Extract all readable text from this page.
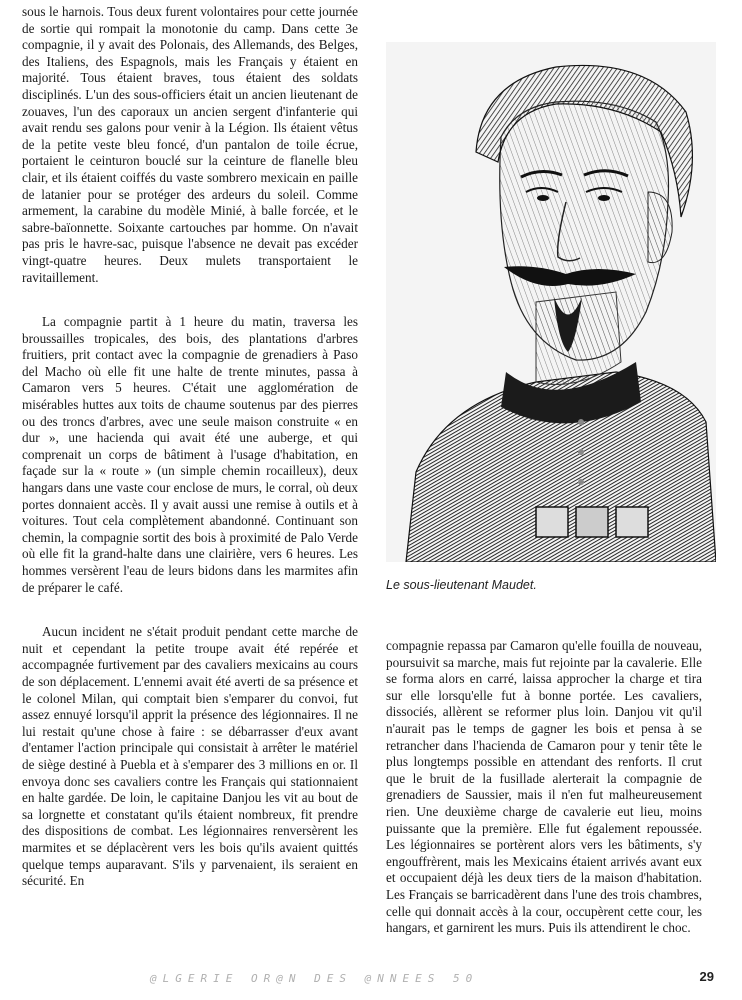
sous le harnois. Tous deux furent volontaires pour cette journée de sortie qui rompait la monotonie du camp. Dans cette 3e compagnie, il y avait des Polonais, des Allemands, des Belges, des Italiens, des Espagnols, mais les Français y étaient en majorité. Tous étaient braves, tous étaient des soldats disciplinés. L'un des sous-officiers était un ancien lieutenant de zouaves, l'un des caporaux un ancien sergent d'infanterie qui avait rendu ses galons pour venir à la Légion. Ils étaient vêtus de la petite veste bleu foncé, d'un pantalon de toile écrue, portaient le ceinturon bouclé sur la ceinture de flanelle bleu clair, et ils étaient coiffés du vaste sombrero mexicain en paille de latanier pour se protéger des ardeurs du soleil. Comme armement, la carabine du modèle Minié, à balle forcée, et le sabre-baïonnette. Soixante cartouches par homme. On n'avait pas pris le havre-sac, puisque l'absence ne devait pas excéder vingt-quatre heures. Deux mulets transportaient le ravitaillement.

La compagnie partit à 1 heure du matin, traversa les broussailles tropicales, des bois, des plantations d'arbres fruitiers, prit contact avec la compagnie de grenadiers à Paso del Macho où elle fit une halte de trente minutes, passa à Camaron vers 5 heures. C'était une agglomération de misérables huttes aux toits de chaume soutenus par des pierres ou des troncs d'arbres, avec une seule maison construite « en dur », une hacienda qui avait été une auberge, et qui comprenait un corps de bâtiment à l'usage d'habitation, en façade sur la « route » (un simple chemin rocailleux), deux hangars dans une vaste cour enclose de murs, le corral, où deux portes donnaient accès. Il y avait aussi une remise à outils et à voitures. Tout cela complètement abandonné. Continuant son chemin, la compagnie sortit des bois à proximité de Palo Verde où elle fit la grand-halte dans une clairière, vers 6 heures. Les hommes versèrent l'eau de leurs bidons dans les marmites afin de préparer le café.

Aucun incident ne s'était produit pendant cette marche de nuit et cependant la petite troupe avait été repérée et accompagnée furtivement par des cavaliers mexicains au cours de son déplacement. L'ennemi avait été averti de sa présence et le colonel Milan, qui comptait bien s'emparer du convoi, fut assez ennuyé lorsqu'il apprit la présence des légionnaires. Il ne lui restait qu'une chose à faire : se débarrasser d'eux avant d'entamer l'action principale qui consistait à arrêter le matériel de siège destiné à Puebla et à s'emparer des 3 millions en or. Il envoya donc ses cavaliers contre les Français qui stationnaient en halte gardée. De loin, le capitaine Danjou les vit au bout de sa lorgnette et constatant qu'ils étaient nombreux, fit prendre des dispositions de combat. Les légionnaires renversèrent les marmites et se déplacèrent vers les bois qu'ils avaient quittés quelque temps auparavant. S'ils y parvenaient, ils seraient en sécurité. En

Le sous-lieutenant Maudet.

compagnie repassa par Camaron qu'elle fouilla de nouveau, poursuivit sa marche, mais fut rejointe par la cavalerie. Elle se forma alors en carré, laissa approcher la charge et tira sur elle lorsqu'elle fut à bonne portée. Les cavaliers, dissociés, allèrent se reformer plus loin. Danjou vit qu'il n'aurait pas le temps de gagner les bois et pensa à se retrancher dans l'hacienda de Camaron pour y tenir tête le plus longtemps possible en attendant des renforts. Il crut que le bruit de la fusillade alerterait la compagnie de grenadiers de Saussier, mais il n'en fut malheureusement rien. Une deuxième charge de cavalerie eut lieu, moins puissante que la première. Elle fut également repoussée. Les légionnaires se portèrent alors vers les bâtiments, s'y engouffrèrent, mais les Mexicains étaient arrivés avant eux et occupaient déjà les deux tiers de la maison d'habitation. Les Français se barricadèrent dans l'une des trois chambres, celle qui donnait accès à la cour, occupèrent cette cour, les hangars, et garnirent les murs. Puis ils attendirent le choc.

@LGERIE OR@N DES @NNEES 50	29
